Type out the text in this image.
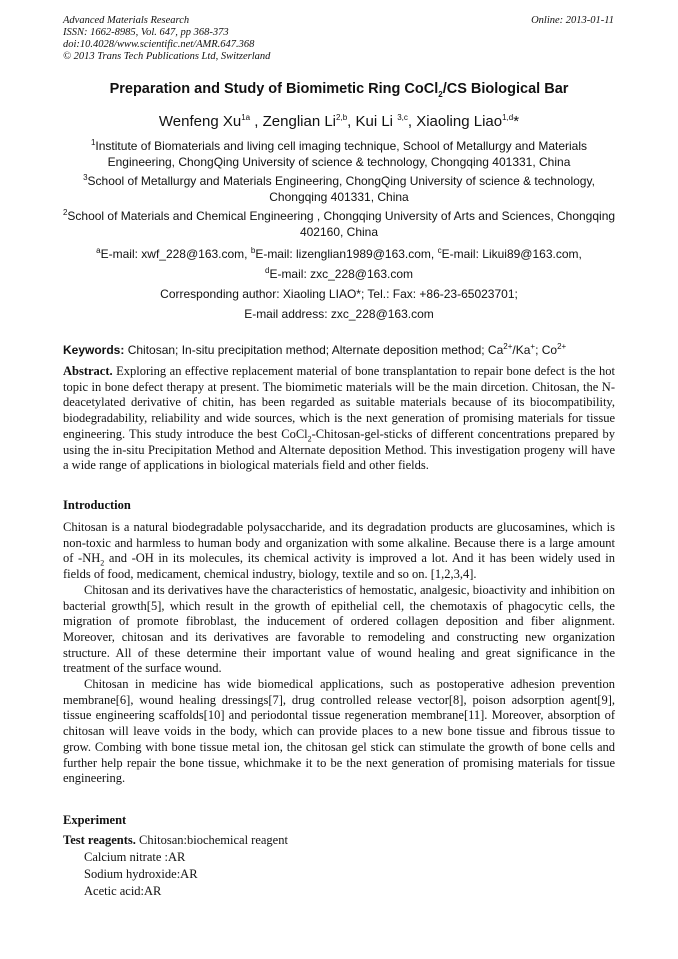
Advanced Materials Research
ISSN: 1662-8985, Vol. 647, pp 368-373
doi:10.4028/www.scientific.net/AMR.647.368
© 2013 Trans Tech Publications Ltd, Switzerland
Online: 2013-01-11
Preparation and Study of Biomimetic Ring CoCl$_2$/CS Biological Bar
Wenfeng $Xu^{1a}$ , Zenglian Li$^{2,b}$, Kui Li $^{3,c}$, Xiaoling Liao$^{1,d}$*
$^1$Institute of Biomaterials and living cell imaging technique, School of Metallurgy and Materials Engineering, ChongQing University of science & technology, Chongqing 401331, China
$^3$School of Metallurgy and Materials Engineering, ChongQing University of science & technology, Chongqing 401331, China
$^2$School of Materials and Chemical Engineering , Chongqing University of Arts and Sciences, Chongqing 402160, China
$^a$E-mail: xwf_228@163.com, $^b$E-mail: lizenglian1989@163.com, $^c$E-mail: Likui89@163.com,
$^d$E-mail: zxc_228@163.com
Corresponding author: Xiaoling LIAO*; Tel.: Fax: +86-23-65023701;
E-mail address: zxc_228@163.com
Keywords: Chitosan; In-situ precipitation method; Alternate deposition method; $Ca^{2+}/Ka^+$; $Co^{2+}$
Abstract. Exploring an effective replacement material of bone transplantation to repair bone defect is the hot topic in bone defect therapy at present. The biomimetic materials will be the main dircetion. Chitosan, the N-deacetylated derivative of chitin, has been regarded as suitable materials because of its biocompatibility, biodegradability, reliability and wide sources, which is the next generation of promising materials for tissue engineering. This study introduce the best CoCl$_2$-Chitosan-gel-sticks of different concentrations prepared by using the in-situ Precipitation Method and Alternate deposition Method. This investigation progeny will have a wide range of applications in biological materials field and other fields.
Introduction

Chitosan is a natural biodegradable polysaccharide, and its degradation products are glucosamines, which is non-toxic and harmless to human body and organization with some alkaline. Because there is a large amount of $-NH_2$ and -OH in its molecules, its chemical activity is improved a lot. And it has been widely used in fields of food, medicament, chemical industry, biology, textile and so on. [1,2,3,4].

Chitosan and its derivatives have the characteristics of hemostatic, analgesic, bioactivity and inhibition on bacterial growth[5], which result in the growth of epithelial cell, the chemotaxis of phagocytic cells, the migration of promote fibroblast, the inducement of ordered collagen deposition and fiber alignment. Moreover, chitosan and its derivatives are favorable to remodeling and constructing new organization structure. All of these determine their important value of wound healing and great significance in the treatment of the surface wound.

Chitosan in medicine has wide biomedical applications, such as postoperative adhesion prevention membrane[6], wound healing dressings[7], drug controlled release vector[8], poison adsorption agent[9], tissue engineering scaffolds[10] and periodontal tissue regeneration membrane[11]. Moreover, absorption of chitosan will leave voids in the body, which can provide places to a new bone tissue and fibrous tissue to grow. Combing with bone tissue metal ion, the chitosan gel stick can stimulate the growth of bone cells and further help repair the bone tissue, whichmake it to be the next generation of promising materials for tissue engineering.

Experiment
Test reagents. Chitosan:biochemical reagent
Calcium nitrate :AR
Sodium hydroxide:AR
Acetic acid:AR
